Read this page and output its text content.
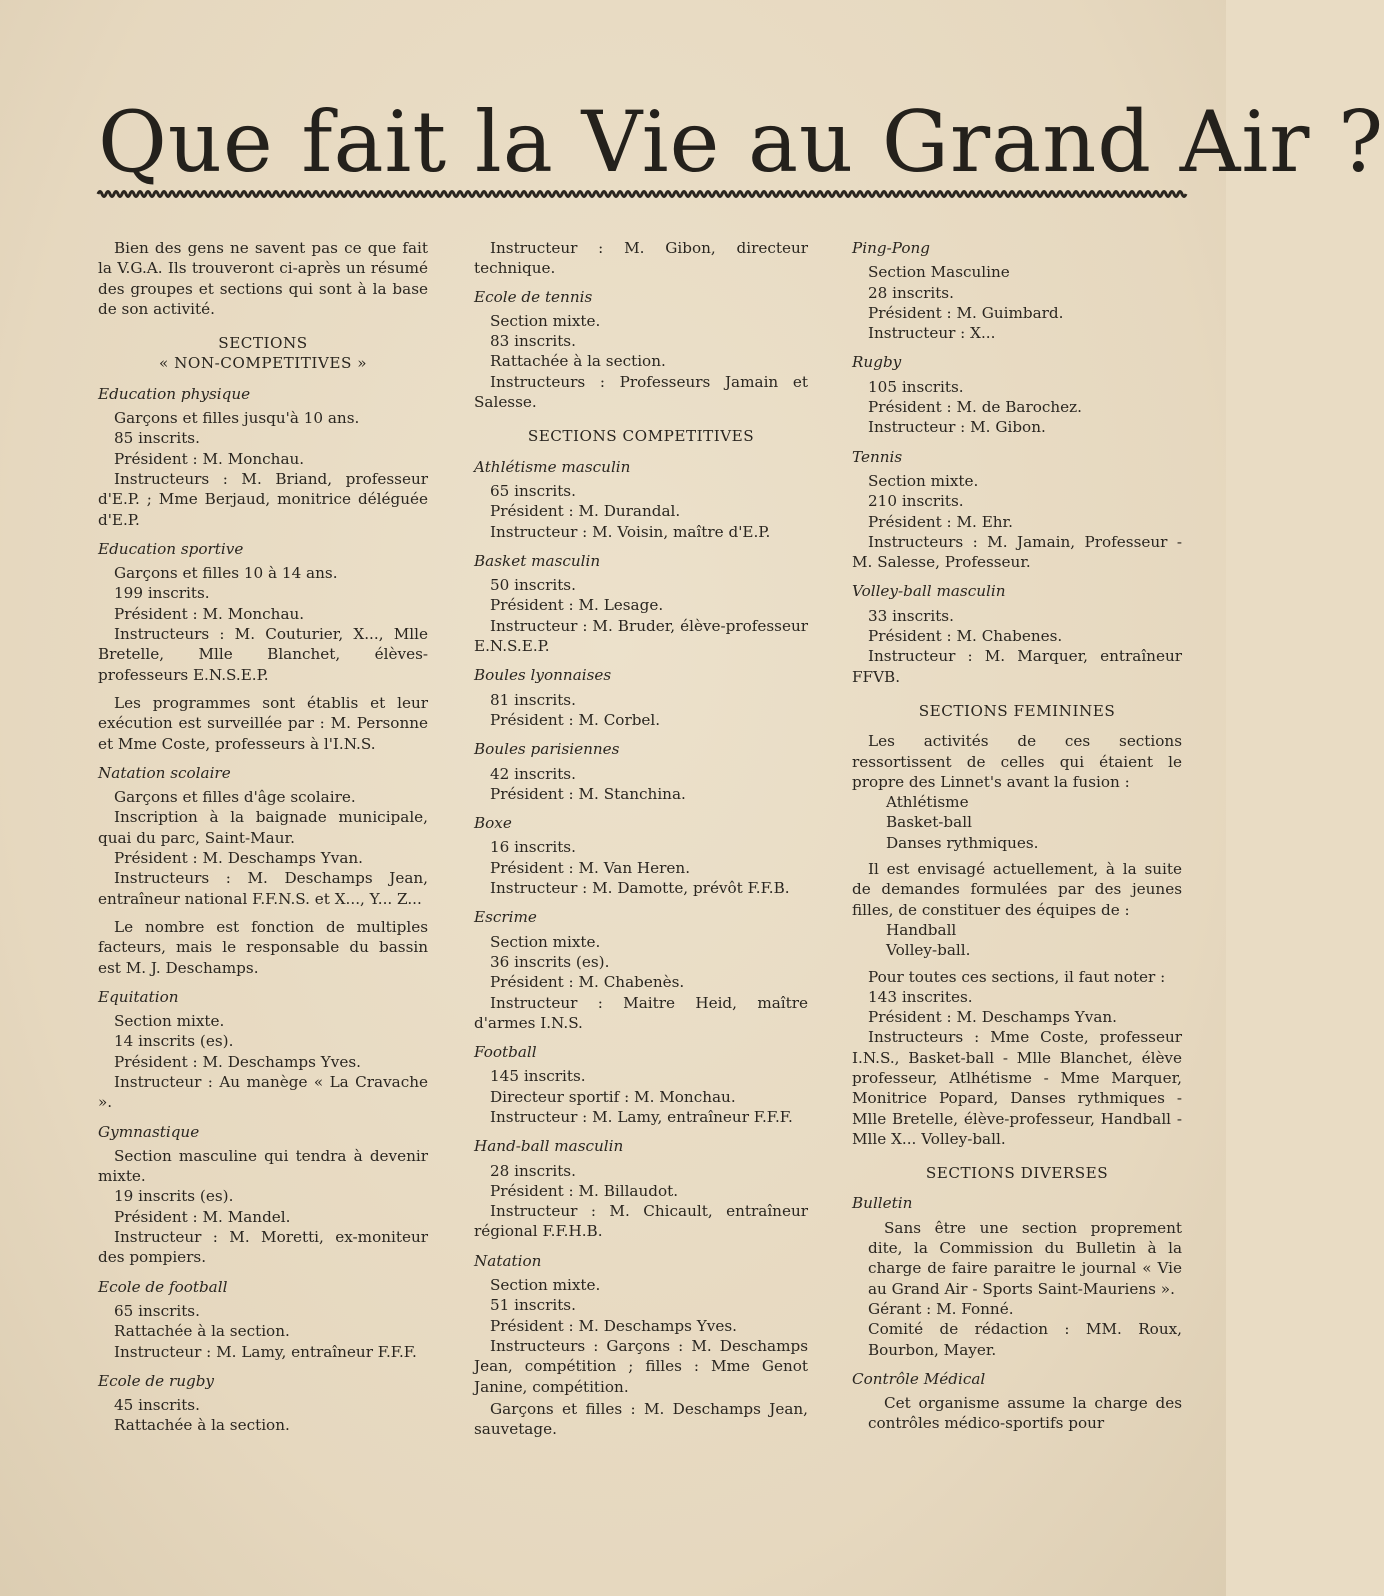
Que fait la Vie au Grand Air ?
Bien des gens ne savent pas ce que fait la V.G.A. Ils trouveront ci-après un résumé des groupes et sections qui sont à la base de son activité.
SECTIONS
« NON-COMPETITIVES »
Education physique
Garçons et filles jusqu'à 10 ans.
85 inscrits.
Président : M. Monchau.
Instructeurs : M. Briand, professeur d'E.P. ; Mme Berjaud, monitrice déléguée d'E.P.
Education sportive
Garçons et filles 10 à 14 ans.
199 inscrits.
Président : M. Monchau.
Instructeurs : M. Couturier, X..., Mlle Bretelle, Mlle Blanchet, élèves-professeurs E.N.S.E.P.
Les programmes sont établis et leur exécution est surveillée par : M. Personne et Mme Coste, professeurs à l'I.N.S.
Natation scolaire
Garçons et filles d'âge scolaire.
Inscription à la baignade municipale, quai du parc, Saint-Maur.
Président : M. Deschamps Yvan.
Instructeurs : M. Deschamps Jean, entraîneur national F.F.N.S. et X..., Y... Z...
Le nombre est fonction de multiples facteurs, mais le responsable du bassin est M. J. Deschamps.
Equitation
Section mixte.
14 inscrits (es).
Président : M. Deschamps Yves.
Instructeur : Au manège « La Cravache ».
Gymnastique
Section masculine qui tendra à devenir mixte.
19 inscrits (es).
Président : M. Mandel.
Instructeur : M. Moretti, ex-moniteur des pompiers.
Ecole de football
65 inscrits.
Rattachée à la section.
Instructeur : M. Lamy, entraîneur F.F.F.
Ecole de rugby
45 inscrits.
Rattachée à la section.
Instructeur : M. Gibon, directeur technique.
Ecole de tennis
Section mixte.
83 inscrits.
Rattachée à la section.
Instructeurs : Professeurs Jamain et Salesse.
SECTIONS COMPETITIVES
Athlétisme masculin
65 inscrits.
Président : M. Durandal.
Instructeur : M. Voisin, maître d'E.P.
Basket masculin
50 inscrits.
Président : M. Lesage.
Instructeur : M. Bruder, élève-professeur E.N.S.E.P.
Boules lyonnaises
81 inscrits.
Président : M. Corbel.
Boules parisiennes
42 inscrits.
Président : M. Stanchina.
Boxe
16 inscrits.
Président : M. Van Heren.
Instructeur : M. Damotte, prévôt F.F.B.
Escrime
Section mixte.
36 inscrits (es).
Président : M. Chabenès.
Instructeur : Maitre Heid, maître d'armes I.N.S.
Football
145 inscrits.
Directeur sportif : M. Monchau.
Instructeur : M. Lamy, entraîneur F.F.F.
Hand-ball masculin
28 inscrits.
Président : M. Billaudot.
Instructeur : M. Chicault, entraîneur régional F.F.H.B.
Natation
Section mixte.
51 inscrits.
Président : M. Deschamps Yves.
Instructeurs : Garçons : M. Deschamps Jean, compétition ; filles : Mme Genot Janine, compétition.
Garçons et filles : M. Deschamps Jean, sauvetage.
Ping-Pong
Section Masculine
28 inscrits.
Président : M. Guimbard.
Instructeur : X...
Rugby
105 inscrits.
Président : M. de Barochez.
Instructeur : M. Gibon.
Tennis
Section mixte.
210 inscrits.
Président : M. Ehr.
Instructeurs : M. Jamain, Professeur - M. Salesse, Professeur.
Volley-ball masculin
33 inscrits.
Président : M. Chabenes.
Instructeur : M. Marquer, entraîneur FFVB.
SECTIONS FEMININES
Les activités de ces sections ressortissent de celles qui étaient le propre des Linnet's avant la fusion :
Athlétisme
Basket-ball
Danses rythmiques.
Il est envisagé actuellement, à la suite de demandes formulées par des jeunes filles, de constituer des équipes de :
Handball
Volley-ball.
Pour toutes ces sections, il faut noter :
143 inscrites.
Président : M. Deschamps Yvan.
Instructeurs : Mme Coste, professeur I.N.S., Basket-ball - Mlle Blanchet, élève professeur, Atlhétisme - Mme Marquer, Monitrice Popard, Danses rythmiques - Mlle Bretelle, élève-professeur, Handball - Mlle X... Volley-ball.
SECTIONS DIVERSES
Bulletin
Sans être une section proprement dite, la Commission du Bulletin à la charge de faire paraitre le journal « Vie au Grand Air - Sports Saint-Mauriens ».
Gérant : M. Fonné.
Comité de rédaction : MM. Roux, Bourbon, Mayer.
Contrôle Médical
Cet organisme assume la charge des contrôles médico-sportifs pour
